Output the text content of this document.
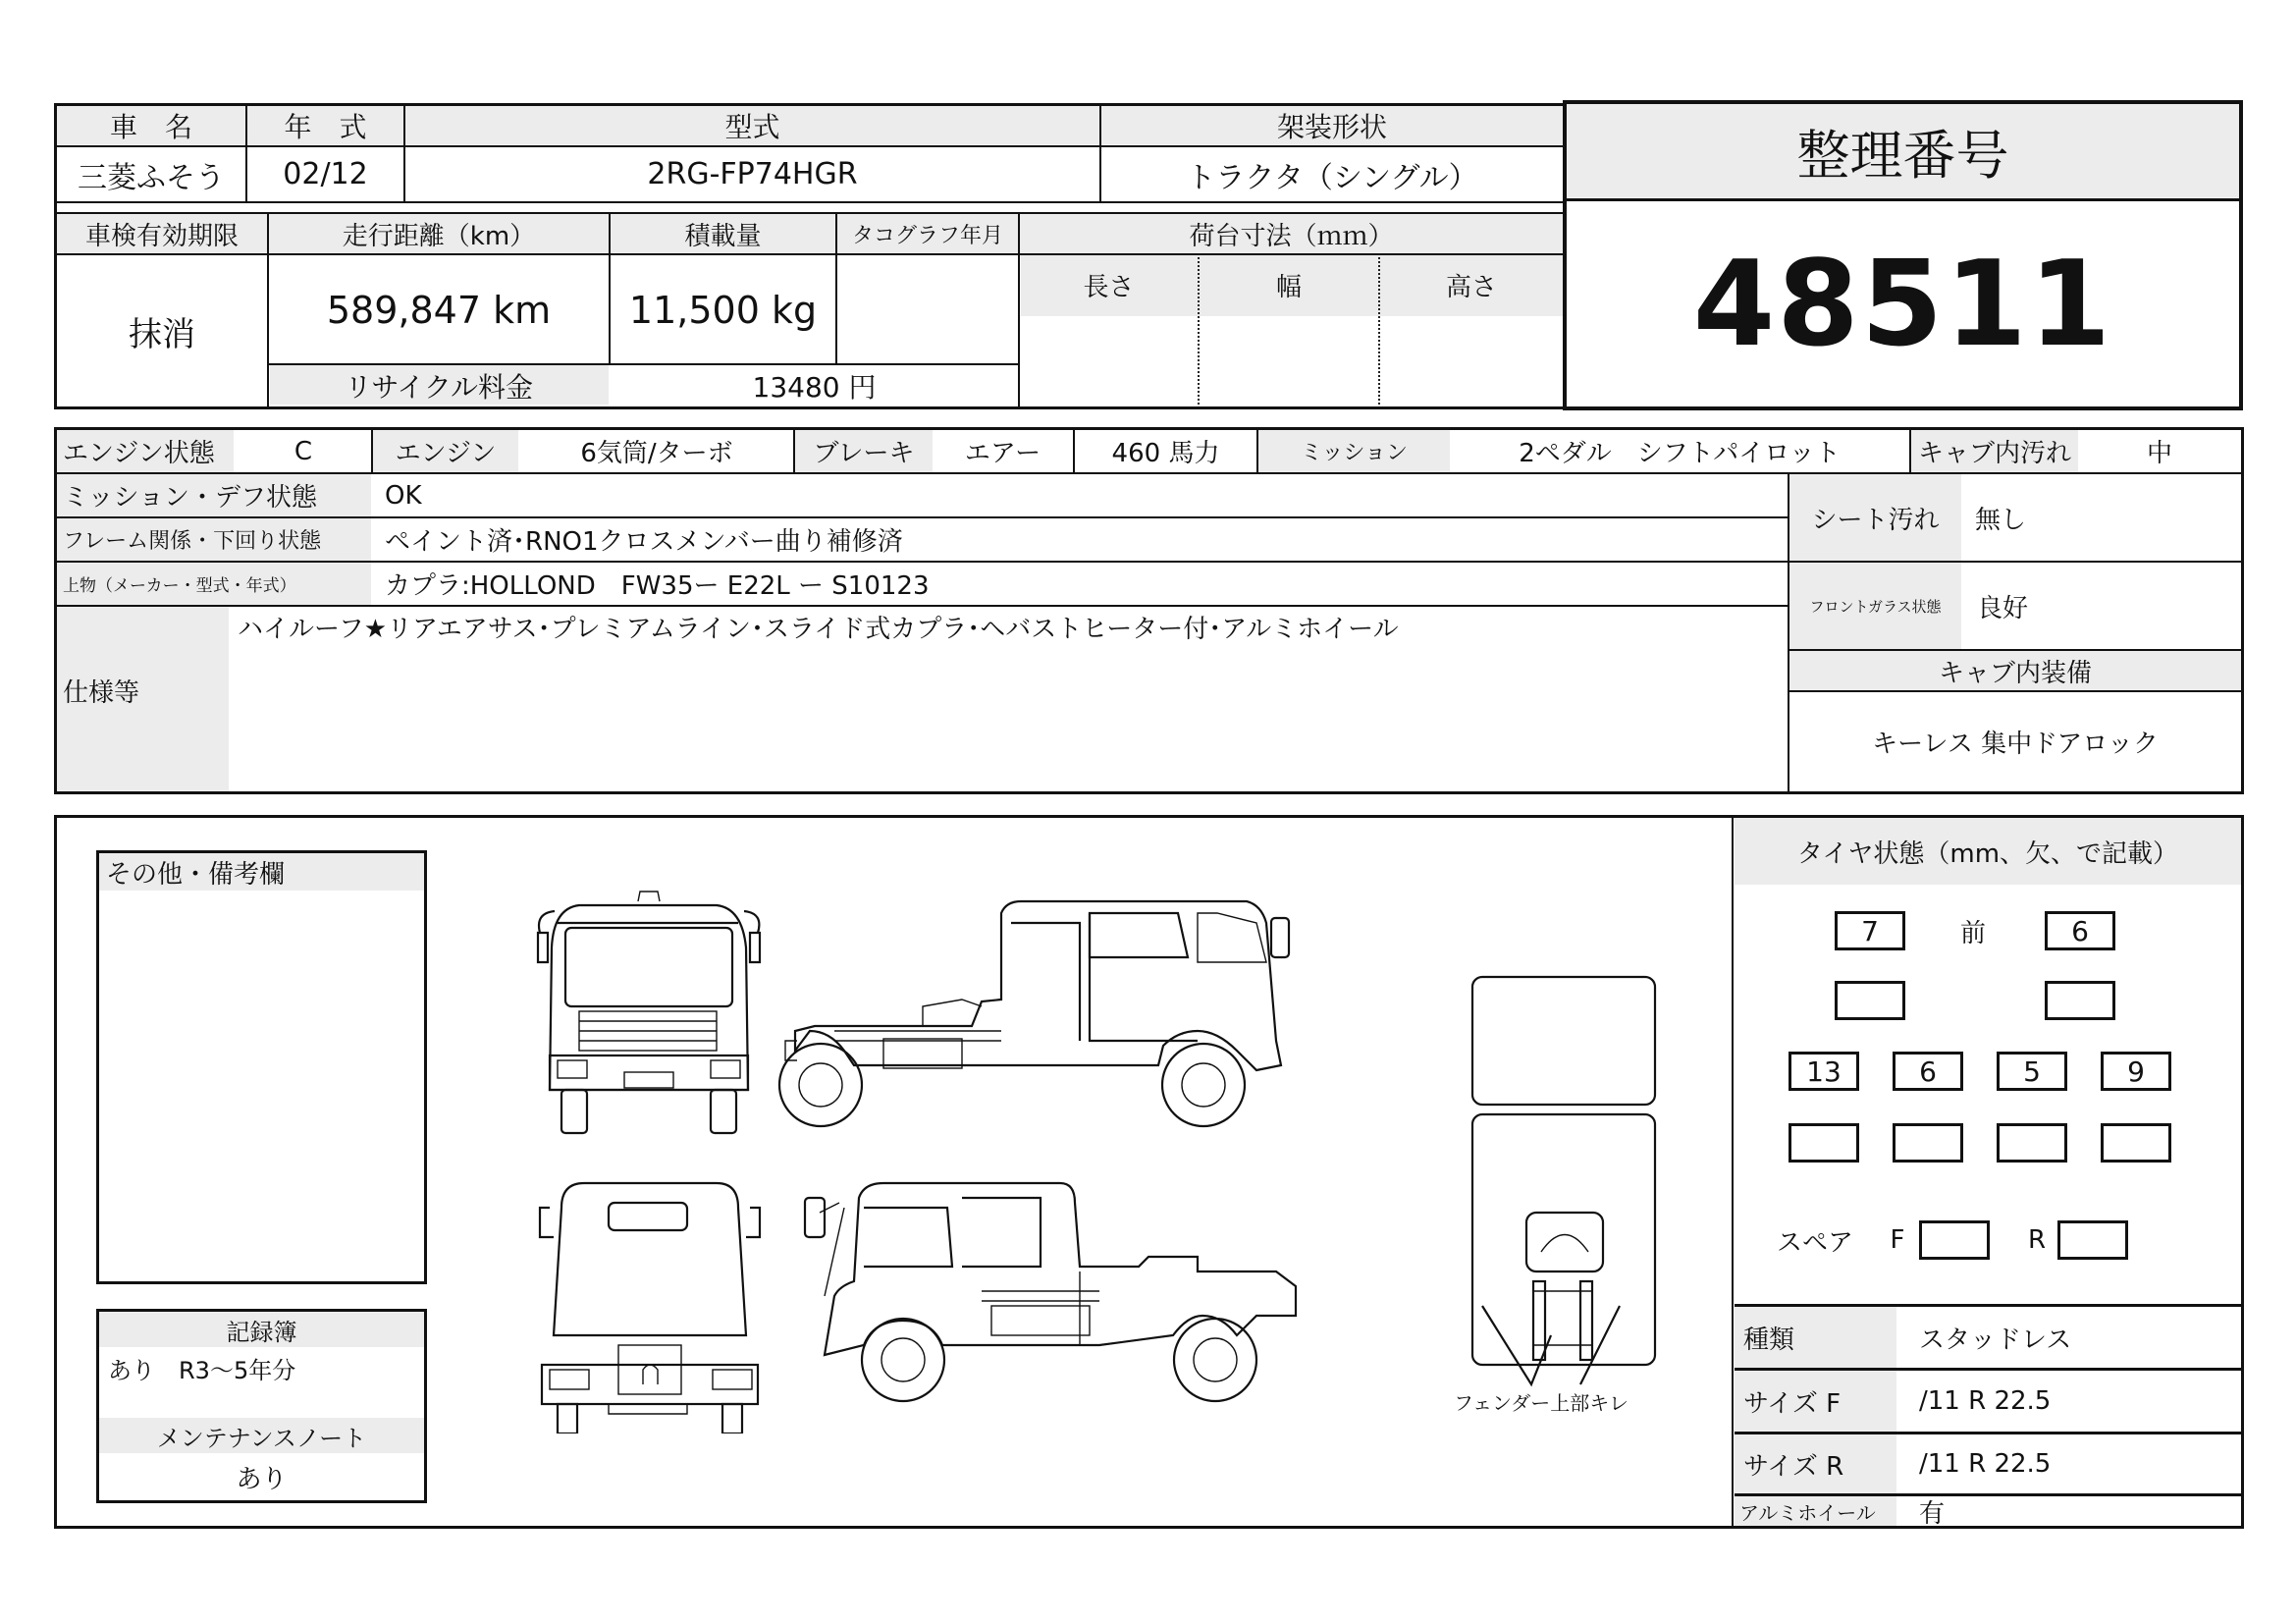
車　名	年　式	型式	架装形状
三菱ふそう	02/12	2RG-FP74HGR	トラクタ（シングル）
車検有効期限	走行距離（km）	積載量	タコグラフ年月	荷台寸法（ｍｍ）
長さ	幅	高さ
抹消
589,847 km	11,500 kg
リサイクル料金	13480 円
整理番号
48511
エンジン状態	C	エンジン	6気筒/ターボ	ブレーキ	エアー	460 馬力	ミッション	2ペダル　シフトパイロット	キャブ内汚れ	中
ミッション・デフ状態	OK
フレーム関係・下回り状態	ペイント済･RNO1クロスメンバー曲り補修済
上物（メーカー・型式・年式）	カプラ:HOLLOND　FW35ー E22L ー S10123
仕様等
ハイルーフ★リアエアサス･プレミアムライン･スライド式カプラ･ヘバストヒーター付･アルミホイール
シート汚れ	無し
フロントガラス状態	良好
キャブ内装備
キーレス 集中ドアロック
その他・備考欄
記録簿
あり　R3～5年分
メンテナンスノート
あり
フェンダー上部キレ
タイヤ状態（mm、欠、で記載）
7	前	6
13	6	5	9
スペア	F	R
種類	スタッドレス
サイズ F	/11 R 22.5
サイズ R	/11 R 22.5
アルミホイール	有
